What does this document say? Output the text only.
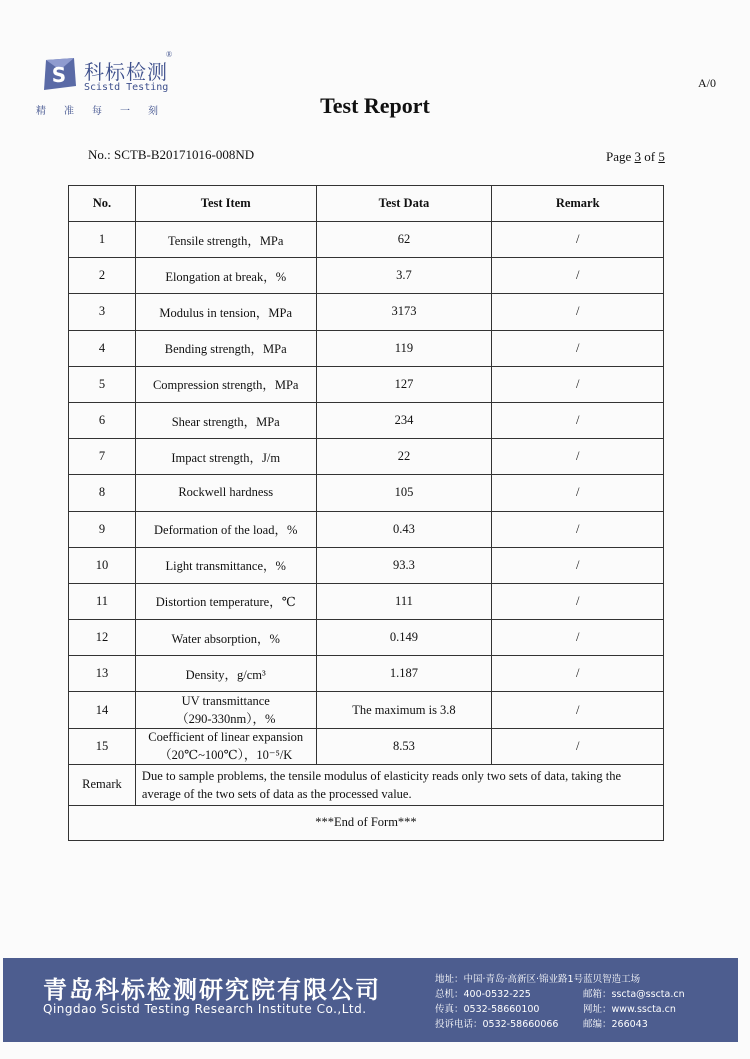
S 科标检测
®
Scistd Testing
精准每一刻
A/0
Test Report
No.: SCTB-B20171016-008ND	Page 3 of 5
No.	Test Item	Test Data	Remark
1	Tensile strength，MPa	62	/
2	Elongation at break，%	3.7	/
3	Modulus in tension，MPa	3173	/
4	Bending strength，MPa	119	/
5	Compression strength，MPa	127	/
6	Shear strength，MPa	234	/
7	Impact strength，J/m	22	/
8	Rockwell hardness	105	/
9	Deformation of the load，%	0.43	/
10	Light transmittance，%	93.3	/
11	Distortion temperature，℃	111	/
12	Water absorption，%	0.149	/
13	Density，g/cm³	1.187	/
14	UV transmittance
（290-330nm），%	The maximum is 3.8	/
15	Coefficient of linear expansion
（20℃~100℃），10⁻⁵/K	8.53	/
Remark	Due to sample problems, the tensile modulus of elasticity reads only two sets of data, taking the average of the two sets of data as the processed value.		
***End of Form***			
青岛科标检测研究院有限公司
Qingdao Scistd Testing Research Institute Co.,Ltd.
地址：中国·青岛·高新区·锦业路1号蓝贝智造工场
总机：400-0532-225	邮箱：sscta@sscta.cn
传真：0532-58660100	网址：www.sscta.cn
投诉电话：0532-58660066	邮编：266043
